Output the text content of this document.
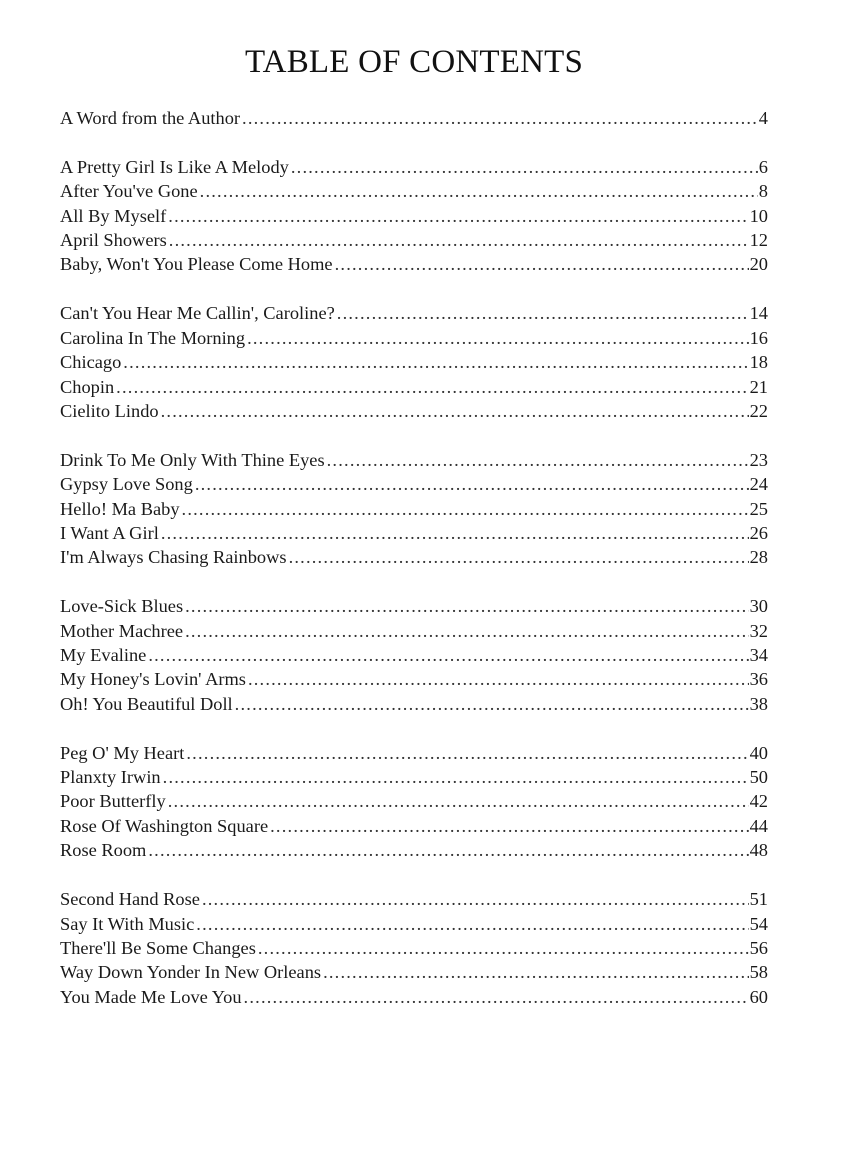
TABLE OF CONTENTS
A Word from the Author .....	4
A Pretty Girl Is Like A Melody .....	6
After You've Gone .....	8
All By Myself .....	10
April Showers .....	12
Baby, Won't You Please Come Home .....	20
Can't You Hear Me Callin', Caroline? .....	14
Carolina In The Morning .....	16
Chicago .....	18
Chopin .....	21
Cielito Lindo .....	22
Drink To Me Only With Thine Eyes .....	23
Gypsy Love Song .....	24
Hello! Ma Baby .....	25
I Want A Girl .....	26
I'm Always Chasing Rainbows .....	28
Love-Sick Blues .....	30
Mother Machree .....	32
My Evaline .....	34
My Honey's Lovin' Arms .....	36
Oh! You Beautiful Doll .....	38
Peg O' My Heart .....	40
Planxty Irwin .....	50
Poor Butterfly .....	42
Rose Of Washington Square .....	44
Rose Room .....	48
Second Hand Rose .....	51
Say It With Music .....	54
There'll Be Some Changes .....	56
Way Down Yonder In New Orleans .....	58
You Made Me Love You .....	60
